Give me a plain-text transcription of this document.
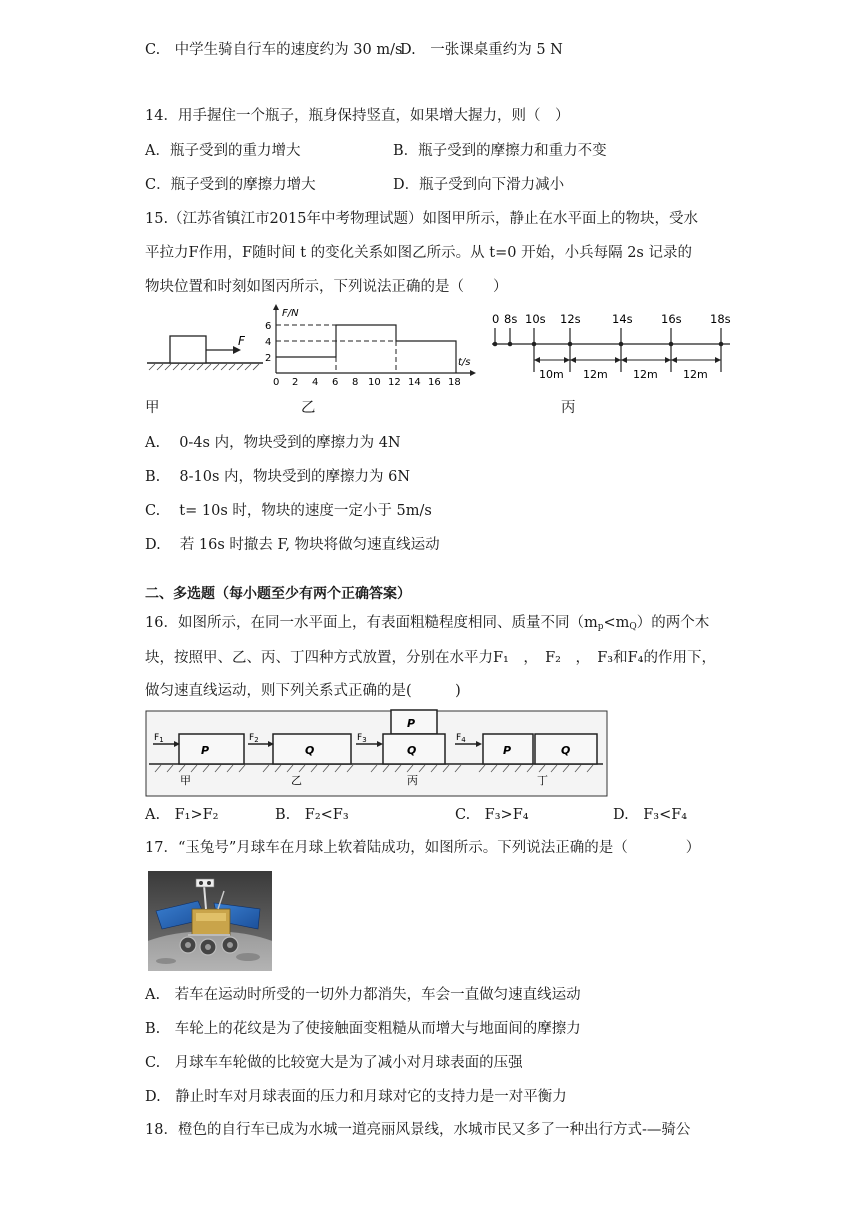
C.　中学生骑自行车的速度约为 30 m/s
D.　一张课桌重约为 5 N
14．用手握住一个瓶子，瓶身保持竖直，如果增大握力，则（　）
A．瓶子受到的重力增大	B．瓶子受到的摩擦力和重力不变
C．瓶子受到的摩擦力增大	D．瓶子受到向下滑力减小
15.（江苏省镇江市2015年中考物理试题）如图甲所示，静止在水平面上的物块，受水
平拉力F作用，F随时间 t 的变化关系如图乙所示。从 t=0 开始，小兵每隔 2s 记录的
物块位置和时刻如图丙所示，下列说法正确的是（　　）
F
F/N
t/s
2
4
6
0 2 4 6 8 10 12 14 16 18
0 8s 10s 12s	14s 16s 18s
10m 12m 12m 12m
甲	乙	丙
A.　 0-4s 内，物块受到的摩擦力为 4N
B.　 8-10s 内，物块受到的摩擦力为 6N
C.　 t= 10s 时，物块的速度一定小于 5m/s
D.　 若 16s 时撤去 F, 物块将做匀速直线运动
二、多选题（每小题至少有两个正确答案）
16．如图所示，在同一水平面上，有表面粗糙程度相同、质量不同$(m_p<m_Q)$的两个木
块，按照甲、乙、丙、丁四种方式放置，分别在水平力F₁　，　F₂　，　F₃和F₄的作用下，
做匀速直线运动，则下列关系式正确的是(　　　)
P
$F_1$
甲
Q
$F_2$
乙
P
Q
$F_3$
丙
P	Q
$F_4$
丁
A.　F₁>F₂	B.　F₂<F₃	C.　F₃>F₄	D.　F₃<F₄
17．“玉兔号”月球车在月球上软着陆成功，如图所示。下列说法正确的是（　　　　）
A.　若车在运动时所受的一切外力都消失，车会一直做匀速直线运动
B.　车轮上的花纹是为了使接触面变粗糙从而增大与地面间的摩擦力
C.　月球车车轮做的比较宽大是为了减小对月球表面的压强
D.　静止时车对月球表面的压力和月球对它的支持力是一对平衡力
18．橙色的自行车已成为水城一道亮丽风景线，水城市民又多了一种出行方式-—骑公
